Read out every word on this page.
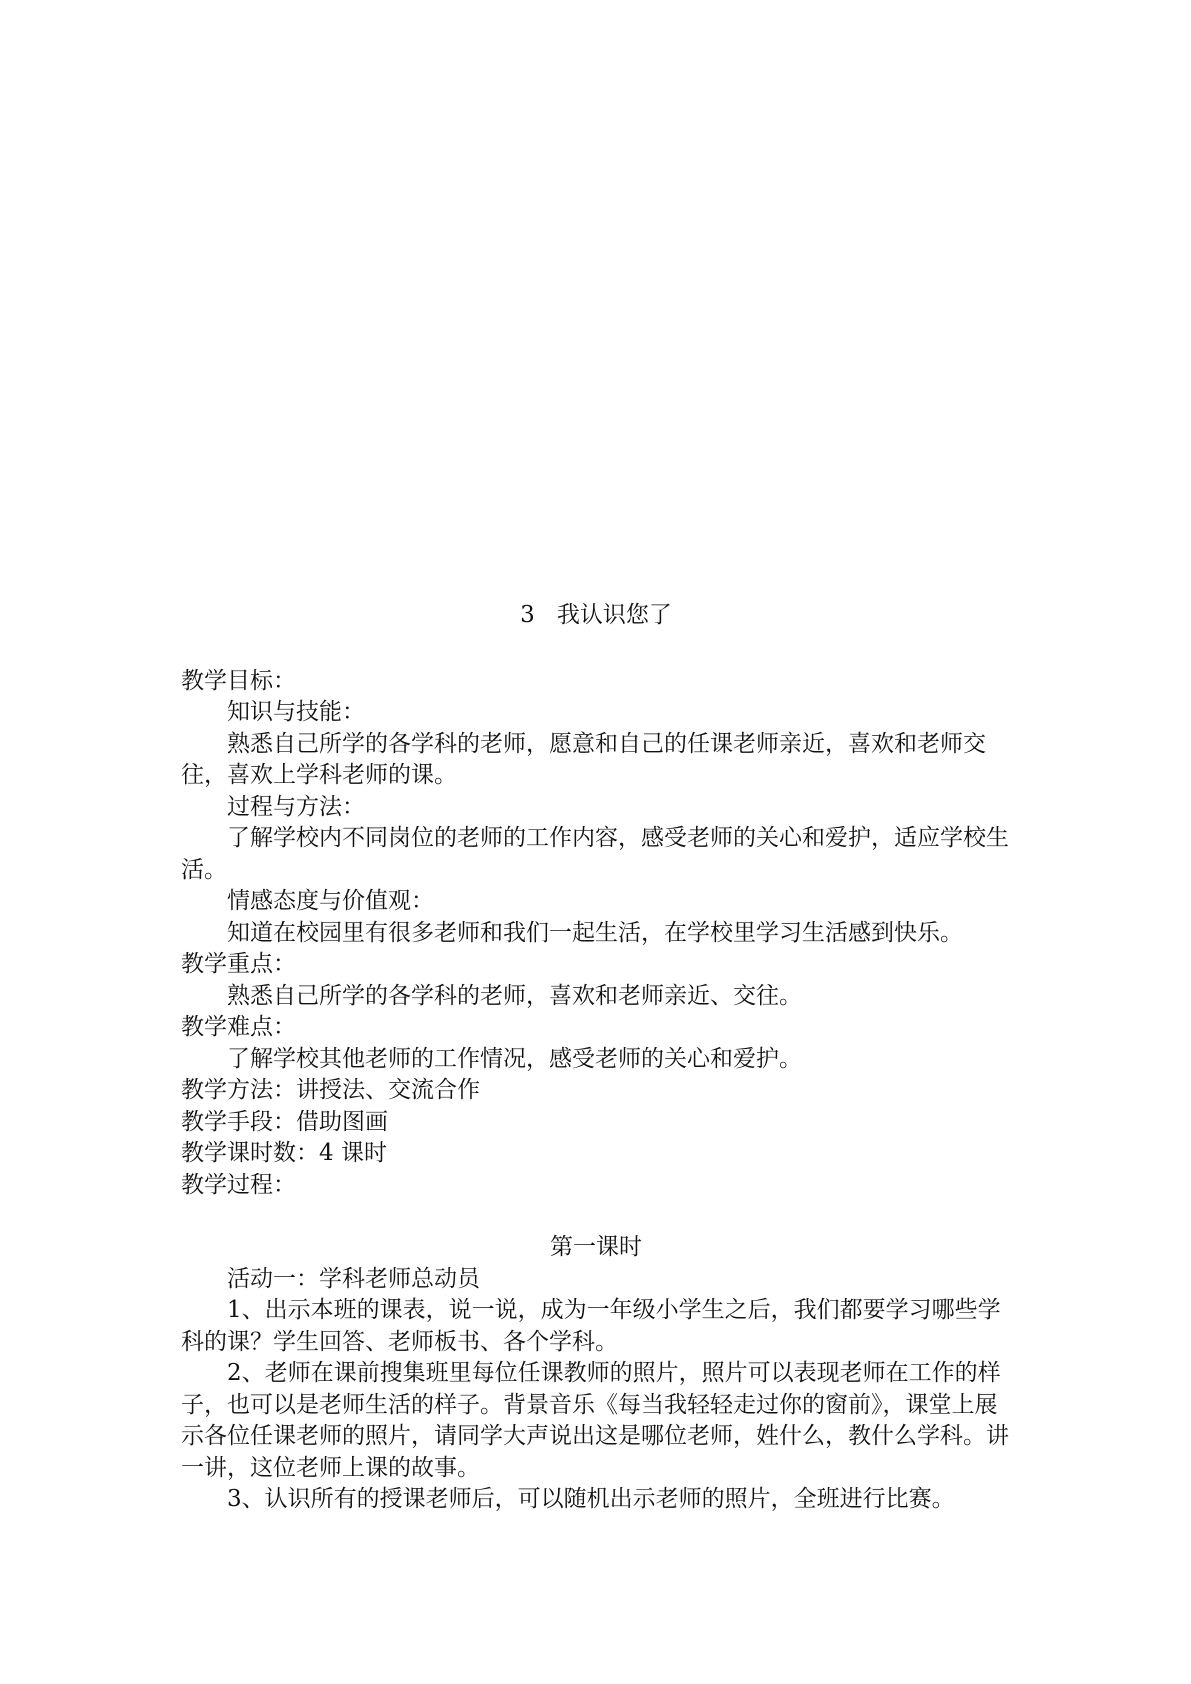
3 我认识您了

教学目标：

知识与技能：

熟悉自己所学的各学科的老师，愿意和自己的任课老师亲近，喜欢和老师交往，喜欢上学科老师的课。

过程与方法：

了解学校内不同岗位的老师的工作内容，感受老师的关心和爱护，适应学校生活。

情感态度与价值观：

知道在校园里有很多老师和我们一起生活，在学校里学习生活感到快乐。

教学重点：

熟悉自己所学的各学科的老师，喜欢和老师亲近、交往。

教学难点：

了解学校其他老师的工作情况，感受老师的关心和爱护。

教学方法：讲授法、交流合作

教学手段：借助图画

教学课时数：4 课时

教学过程：

第一课时

活动一：学科老师总动员

1、出示本班的课表，说一说，成为一年级小学生之后，我们都要学习哪些学科的课？学生回答、老师板书、各个学科。

2、老师在课前搜集班里每位任课教师的照片，照片可以表现老师在工作的样子，也可以是老师生活的样子。背景音乐《每当我轻轻走过你的窗前》，课堂上展示各位任课老师的照片，请同学大声说出这是哪位老师，姓什么，教什么学科。讲一讲，这位老师上课的故事。

3、认识所有的授课老师后，可以随机出示老师的照片，全班进行比赛。
